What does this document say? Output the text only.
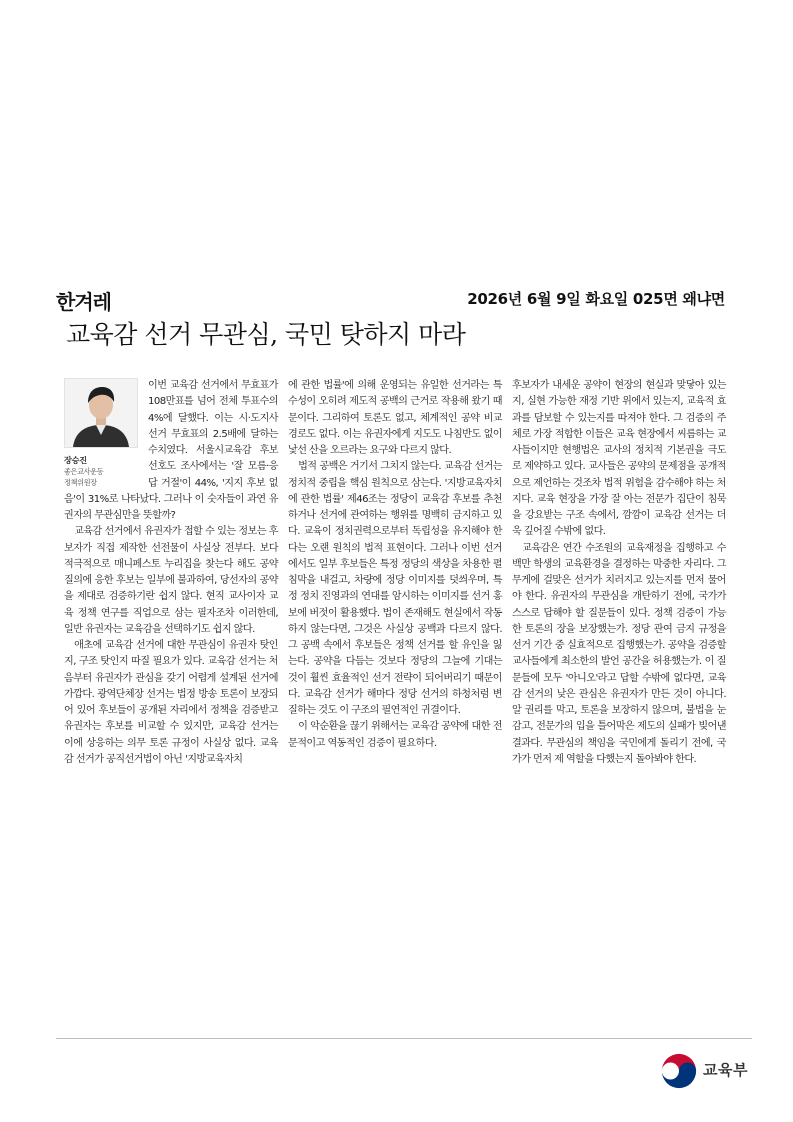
한겨레	2026년 6월 9일 화요일 025면 왜냐면
교육감 선거 무관심, 국민 탓하지 마라
장승진
좋은교사운동
정책위원장

이번 교육감 선거에서 무효표가 108만표를 넘어 전체 투표수의 4%에 달했다. 이는 시·도지사 선거 무효표의 2.5배에 달하는 수치였다. 서울시교육감 후보 선호도 조사에서는 '잘 모름·응답 거절'이 44%, '지지 후보 없음'이 31%로 나타났다. 그러나 이 숫자들이 과연 유권자의 무관심만을 뜻할까?

교육감 선거에서 유권자가 접할 수 있는 정보는 후보자가 직접 제작한 선전물이 사실상 전부다. 보다 적극적으로 매니페스토 누리집을 찾는다 해도 공약 질의에 응한 후보는 일부에 불과하여, 당선자의 공약을 제대로 검증하기란 쉽지 않다. 현직 교사이자 교육 정책 연구를 직업으로 삼는 필자조차 이러한데, 일반 유권자는 교육감을 선택하기도 쉽지 않다.

애초에 교육감 선거에 대한 무관심이 유권자 탓인지, 구조 탓인지 따질 필요가 있다. 교육감 선거는 처음부터 유권자가 관심을 갖기 어렵게 설계된 선거에 가깝다. 광역단체장 선거는 법정 방송 토론이 보장되어 있어 후보들이 공개된 자리에서 정책을 검증받고 유권자는 후보를 비교할 수 있지만, 교육감 선거는 이에 상응하는 의무 토론 규정이 사실상 없다. 교육감 선거가 공직선거법이 아닌 '지방교육자치

에 관한 법률'에 의해 운영되는 유일한 선거라는 특수성이 오히려 제도적 공백의 근거로 작용해 왔기 때문이다. 그리하여 토론도 없고, 체계적인 공약 비교 경로도 없다. 이는 유권자에게 지도도 나침반도 없이 낯선 산을 오르라는 요구와 다르지 않다.

법적 공백은 거기서 그치지 않는다. 교육감 선거는 정치적 중립을 핵심 원칙으로 삼는다. '지방교육자치에 관한 법률' 제46조는 정당이 교육감 후보를 추천하거나 선거에 관여하는 행위를 명백히 금지하고 있다. 교육이 정치권력으로부터 독립성을 유지해야 한다는 오랜 원칙의 법적 표현이다. 그러나 이번 선거에서도 일부 후보들은 특정 정당의 색상을 차용한 펼침막을 내걸고, 차량에 정당 이미지를 덧씌우며, 특정 정치 진영과의 연대를 암시하는 이미지를 선거 홍보에 버젓이 활용했다. 법이 존재해도 현실에서 작동하지 않는다면, 그것은 사실상 공백과 다르지 않다. 그 공백 속에서 후보들은 정책 선거를 할 유인을 잃는다. 공약을 다듬는 것보다 정당의 그늘에 기대는 것이 훨씬 효율적인 선거 전략이 되어버리기 때문이다. 교육감 선거가 해마다 정당 선거의 하청처럼 변질하는 것도 이 구조의 필연적인 귀결이다.

이 악순환을 끊기 위해서는 교육감 공약에 대한 전문적이고 역동적인 검증이 필요하다.

후보자가 내세운 공약이 현장의 현실과 맞닿아 있는지, 실현 가능한 재정 기반 위에서 있는지, 교육적 효과를 담보할 수 있는지를 따져야 한다. 그 검증의 주체로 가장 적합한 이들은 교육 현장에서 씨름하는 교사들이지만 현행법은 교사의 정치적 기본권을 극도로 제약하고 있다. 교사들은 공약의 문제점을 공개적으로 제언하는 것조차 법적 위험을 감수해야 하는 처지다. 교육 현장을 가장 잘 아는 전문가 집단이 침묵을 강요받는 구조 속에서, 깜깜이 교육감 선거는 더욱 깊어질 수밖에 없다.

교육감은 연간 수조원의 교육재정을 집행하고 수백만 학생의 교육환경을 결정하는 막중한 자리다. 그 무게에 걸맞은 선거가 치러지고 있는지를 먼저 물어야 한다. 유권자의 무관심을 개탄하기 전에, 국가가 스스로 답해야 할 질문들이 있다. 정책 검증이 가능한 토론의 장을 보장했는가. 정당 관여 금지 규정을 선거 기간 중 실효적으로 집행했는가. 공약을 검증할 교사들에게 최소한의 발언 공간을 허용했는가. 이 질문들에 모두 '아니오'라고 답할 수밖에 없다면, 교육감 선거의 낮은 관심은 유권자가 만든 것이 아니다. 알 권리를 막고, 토론을 보장하지 않으며, 불법을 눈감고, 전문가의 입을 틀어막은 제도의 실패가 빚어낸 결과다. 무관심의 책임을 국민에게 돌리기 전에, 국가가 먼저 제 역할을 다했는지 돌아봐야 한다.

교육부
